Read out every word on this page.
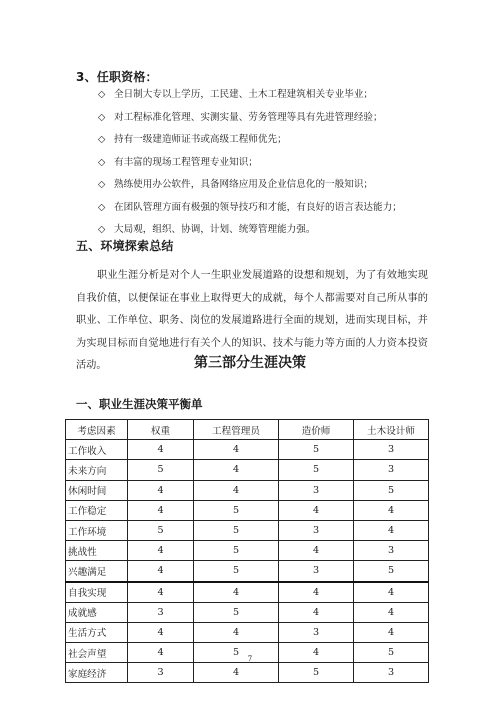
3、任职资格：
◇ 全日制大专以上学历，工民建、土木工程建筑相关专业毕业；
◇ 对工程标准化管理、实测实量、劳务管理等具有先进管理经验；
◇ 持有一级建造师证书或高级工程师优先；
◇ 有丰富的现场工程管理专业知识；
◇ 熟练使用办公软件，具备网络应用及企业信息化的一般知识；
◇ 在团队管理方面有极强的领导技巧和才能，有良好的语言表达能力；
◇ 大局观，组织、协调，计划、统筹管理能力强。
五、环境探索总结

职业生涯分析是对个人一生职业发展道路的设想和规划，为了有效地实现自我价值，以便保证在事业上取得更大的成就，每个人都需要对自己所从事的职业、工作单位、职务、岗位的发展道路进行全面的规划，进而实现目标，并为实现目标而自觉地进行有关个人的知识、技术与能力等方面的人力资本投资活动。	第三部分生涯决策
一、职业生涯决策平衡单
考虑因素	权重	工程管理员	造价师	土木设计师
工作收入	4	4	5	3
未来方向	5	4	5	3
休闲时间	4	4	3	5
工作稳定	4	5	4	4
工作环境	5	5	3	4
挑战性	4	5	4	3
兴趣满足	4	5	3	5
自我实现	4	4	4	4
成就感	3	5	4	4
生活方式	4	4	3	4
社会声望	4	5	4	5
家庭经济	3	4	5	3
7
